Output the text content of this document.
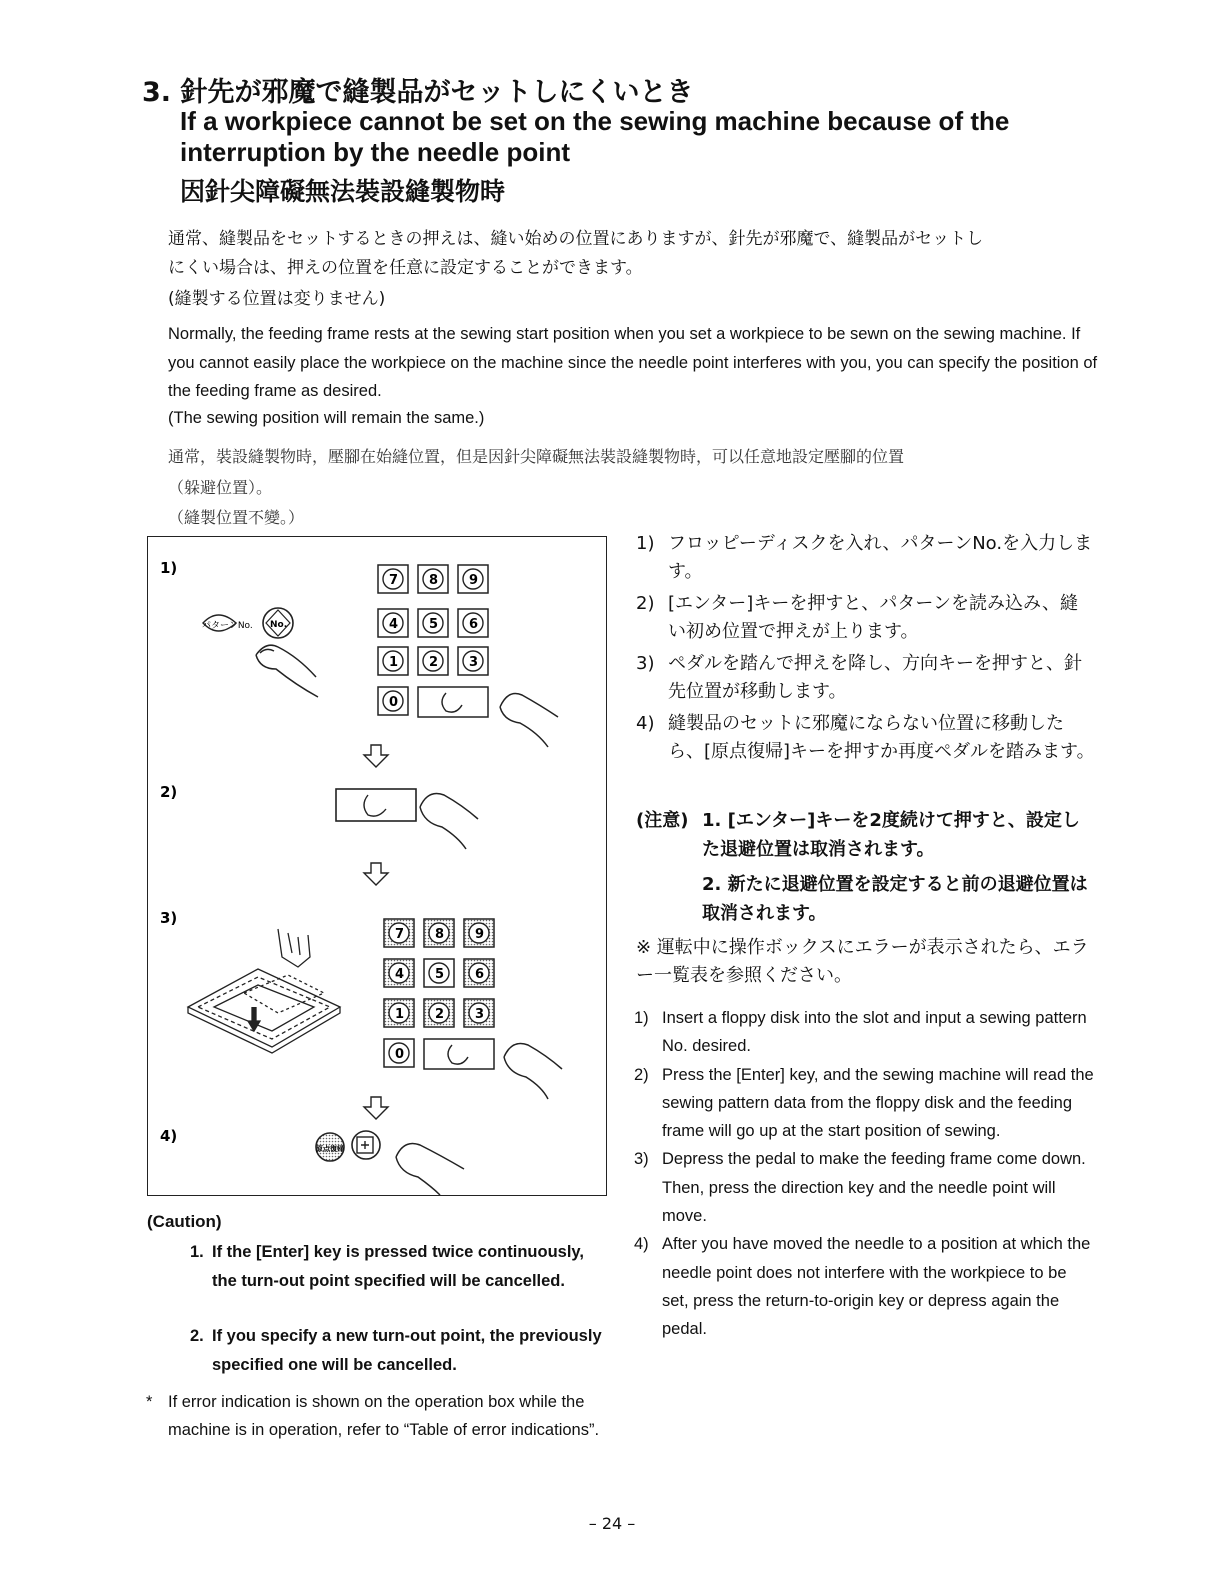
3. 針先が邪魔で縫製品がセットしにくいとき
If a workpiece cannot be set on the sewing machine because of the interruption by the needle point
因針尖障礙無法裝設縫製物時
通常、縫製品をセットするときの押えは、縫い始めの位置にありますが、針先が邪魔で、縫製品がセットし
にくい場合は、押えの位置を任意に設定することができます。
(縫製する位置は変りません)
Normally, the feeding frame rests at the sewing start position when you set a workpiece to be sewn on the sewing machine. If you cannot easily place the workpiece on the machine since the needle point interferes with you, you can specify the position of the feeding frame as desired.
(The sewing position will remain the same.)
通常，裝設縫製物時，壓腳在始縫位置，但是因針尖障礙無法裝設縫製物時，可以任意地設定壓腳的位置
（躲避位置）。
（縫製位置不變。）
1)
2)
3)
4)
パターンNo. No.
7 8 9
4 5 6
1 2 3
0
7 8 9
4 5 6
1 2 3
0
原点復帰
1) フロッピーディスクを入れ、パターンNo.を入力します。
2) [エンター]キーを押すと、パターンを読み込み、縫い初め位置で押えが上ります。
3) ペダルを踏んで押えを降し、方向キーを押すと、針先位置が移動します。
4) 縫製品のセットに邪魔にならない位置に移動したら、[原点復帰]キーを押すか再度ペダルを踏みます。
(注意) 1. [エンター]キーを2度続けて押すと、設定した退避位置は取消されます。
2. 新たに退避位置を設定すると前の退避位置は取消されます。
※ 運転中に操作ボックスにエラーが表示されたら、エラー一覧表を参照ください。
1) Insert a floppy disk into the slot and input a sewing pattern No. desired.
2) Press the [Enter] key, and the sewing machine will read the sewing pattern data from the floppy disk and the feeding frame will go up at the start position of sewing.
3) Depress the pedal to make the feeding frame come down. Then, press the direction key and the needle point will move.
4) After you have moved the needle to a position at which the needle point does not interfere with the workpiece to be set, press the return-to-origin key or depress again the pedal.
(Caution)
1. If the [Enter] key is pressed twice continuously, the turn-out point specified will be cancelled.
2. If you specify a new turn-out point, the previously specified one will be cancelled.
* If error indication is shown on the operation box while the machine is in operation, refer to “Table of error indications”.
– 24 –
